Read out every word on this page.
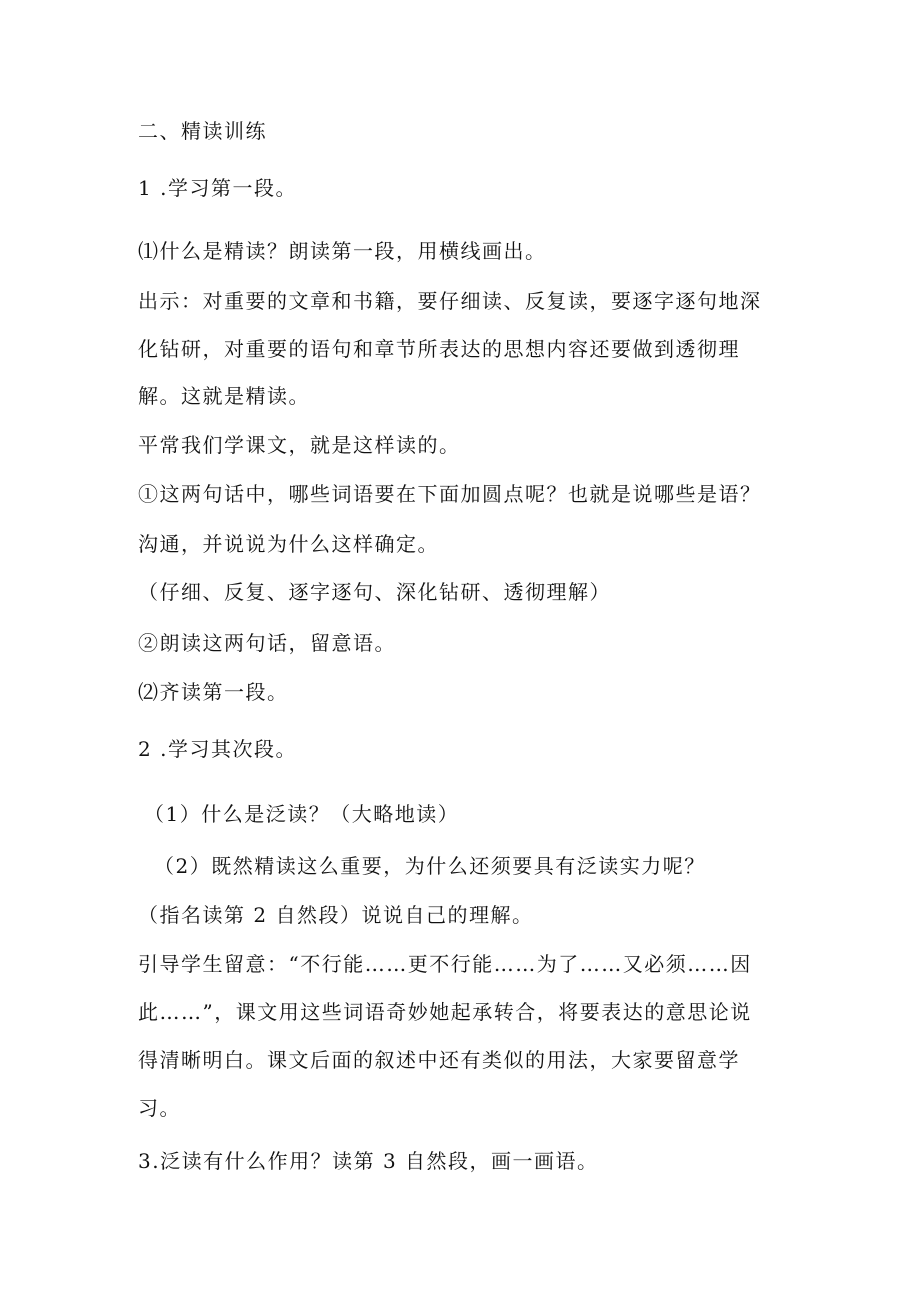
二、精读训练
1 .学习第一段。
⑴什么是精读？朗读第一段，用横线画出。
出示：对重要的文章和书籍，要仔细读、反复读，要逐字逐句地深
化钻研，对重要的语句和章节所表达的思想内容还要做到透彻理
解。这就是精读。
平常我们学课文，就是这样读的。
①这两句话中，哪些词语要在下面加圆点呢？也就是说哪些是语？
沟通，并说说为什么这样确定。
（仔细、反复、逐字逐句、深化钻研、透彻理解）
②朗读这两句话，留意语。
⑵齐读第一段。
2 .学习其次段。
（1）什么是泛读？（大略地读）
（2）既然精读这么重要，为什么还须要具有泛读实力呢？
（指名读第 2 自然段）说说自己的理解。
引导学生留意：“不行能……更不行能……为了……又必须……因
此……”，课文用这些词语奇妙她起承转合，将要表达的意思论说
得清晰明白。课文后面的叙述中还有类似的用法，大家要留意学
习。
3.泛读有什么作用？读第 3 自然段，画一画语。
